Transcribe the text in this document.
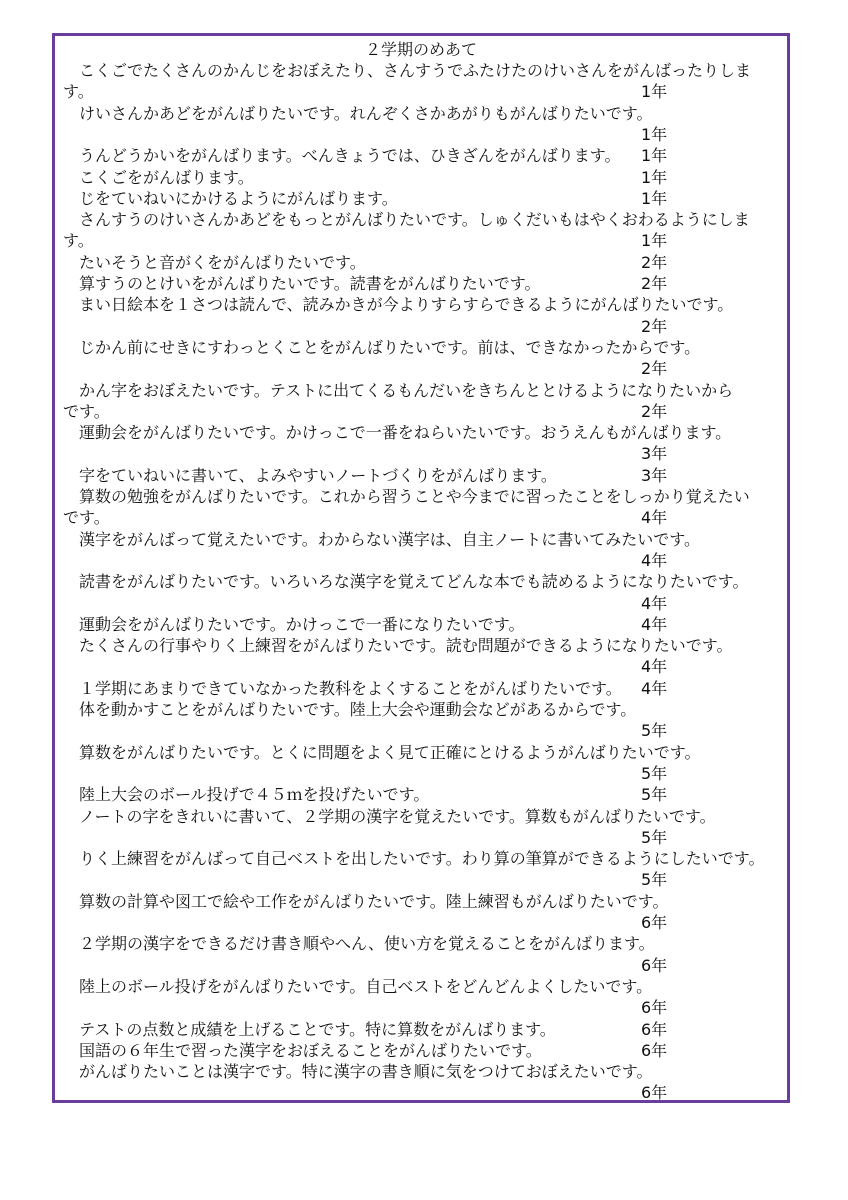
２学期のめあて
　こくごでたくさんのかんじをおぼえたり、さんすうでふたけたのけいさんをがんばったりしま
す。	1年
　けいさんかあどをがんばりたいです。れんぞくさかあがりもがんばりたいです。
1年
　うんどうかいをがんばります。べんきょうでは、ひきざんをがんばります。 1年
　こくごをがんばります。	1年
　じをていねいにかけるようにがんばります。	1年
　さんすうのけいさんかあどをもっとがんばりたいです。しゅくだいもはやくおわるようにしま
す。	1年
　たいそうと音がくをがんばりたいです。	2年
　算すうのとけいをがんばりたいです。読書をがんばりたいです。	2年
　まい日絵本を１さつは読んで、読みかきが今よりすらすらできるようにがんばりたいです。
2年
　じかん前にせきにすわっとくことをがんばりたいです。前は、できなかったからです。
2年
　かん字をおぼえたいです。テストに出てくるもんだいをきちんととけるようになりたいから
です。	2年
　運動会をがんばりたいです。かけっこで一番をねらいたいです。おうえんもがんばります。
3年
　字をていねいに書いて、よみやすいノートづくりをがんばります。	3年
　算数の勉強をがんばりたいです。これから習うことや今までに習ったことをしっかり覚えたい
です。	4年
　漢字をがんばって覚えたいです。わからない漢字は、自主ノートに書いてみたいです。
4年
　読書をがんばりたいです。いろいろな漢字を覚えてどんな本でも読めるようになりたいです。
4年
　運動会をがんばりたいです。かけっこで一番になりたいです。	4年
　たくさんの行事やりく上練習をがんばりたいです。読む問題ができるようになりたいです。
4年
　１学期にあまりできていなかった教科をよくすることをがんばりたいです。 4年
　体を動かすことをがんばりたいです。陸上大会や運動会などがあるからです。
5年
　算数をがんばりたいです。とくに問題をよく見て正確にとけるようがんばりたいです。
5年
　陸上大会のボール投げで４５ｍを投げたいです。	5年
　ノートの字をきれいに書いて、２学期の漢字を覚えたいです。算数もがんばりたいです。
5年
　りく上練習をがんばって自己ベストを出したいです。わり算の筆算ができるようにしたいです。
5年
　算数の計算や図工で絵や工作をがんばりたいです。陸上練習もがんばりたいです。
6年
　２学期の漢字をできるだけ書き順やへん、使い方を覚えることをがんばります。
6年
　陸上のボール投げをがんばりたいです。自己ベストをどんどんよくしたいです。
6年
　テストの点数と成績を上げることです。特に算数をがんばります。	6年
　国語の６年生で習った漢字をおぼえることをがんばりたいです。	6年
　がんばりたいことは漢字です。特に漢字の書き順に気をつけておぼえたいです。
6年
